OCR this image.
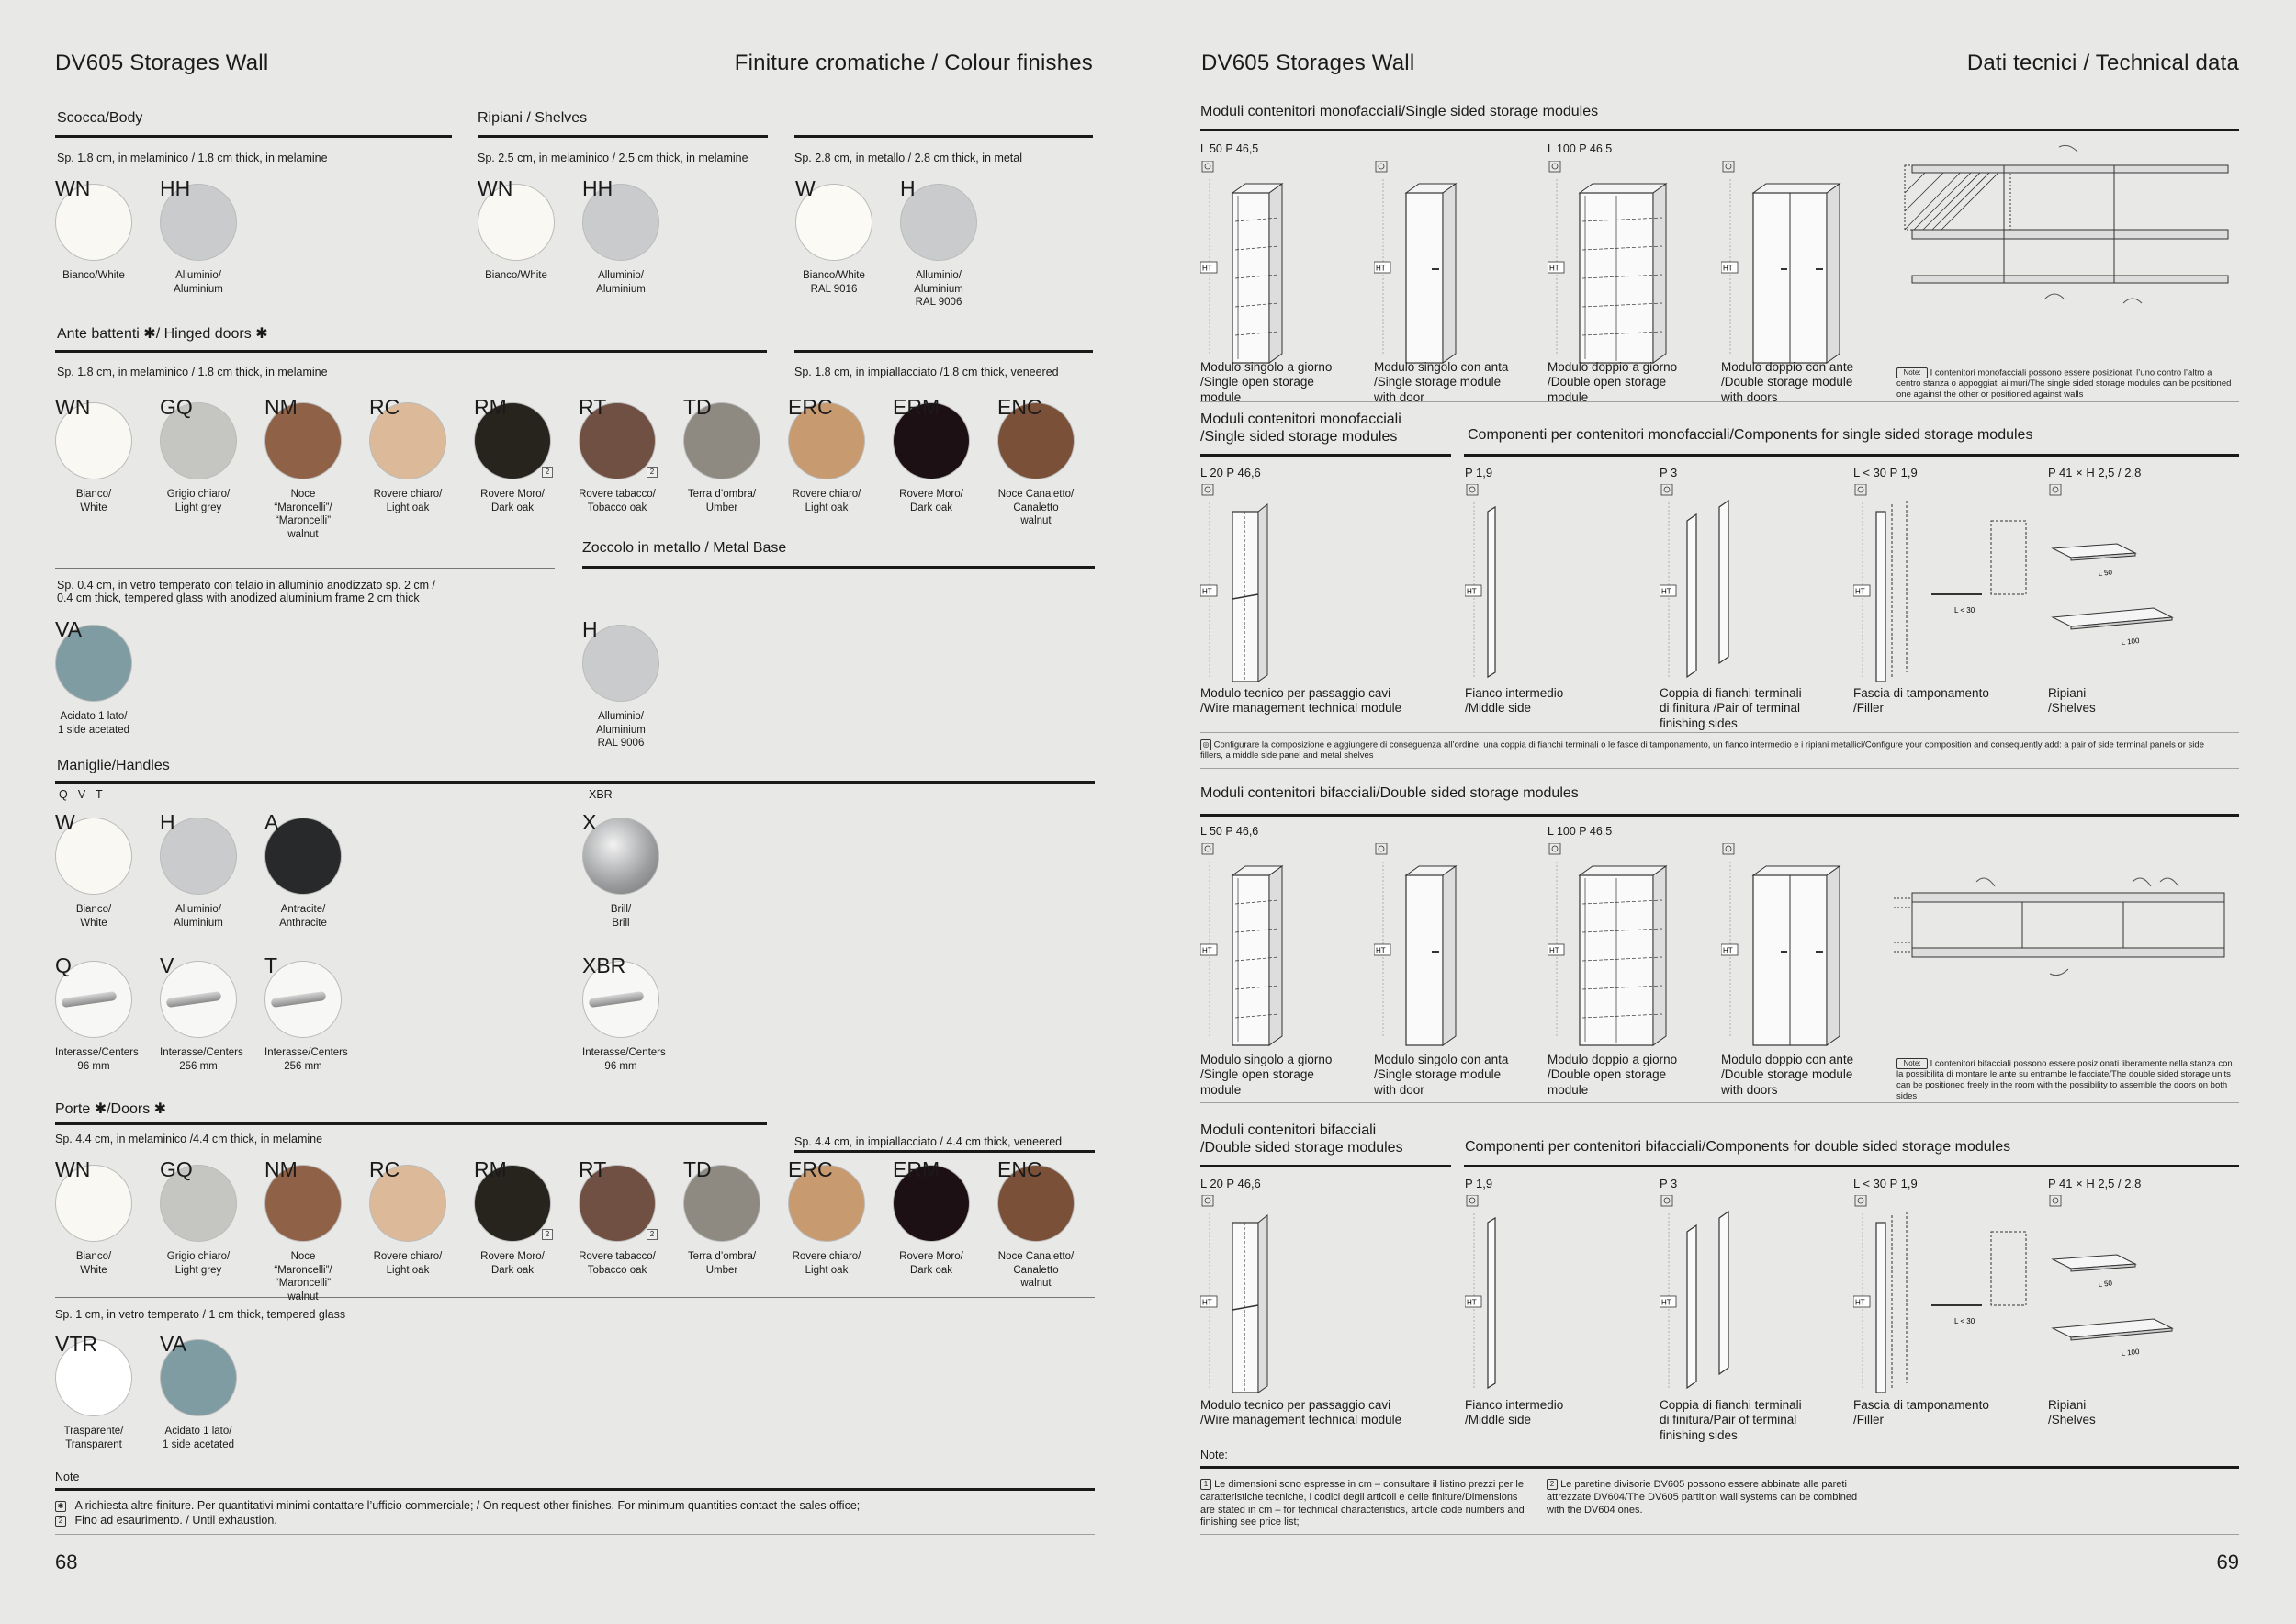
DV605 Storages Wall	Finiture cromatiche / Colour finishes
Scocca/Body
Sp. 1.8 cm, in melaminico / 1.8 cm thick, in melamine
Ripiani / Shelves
Sp. 2.5 cm, in melaminico / 2.5 cm thick, in melamine	Sp. 2.8 cm, in metallo / 2.8 cm thick, in metal
Ante battenti ✱/ Hinged doors ✱
Sp. 1.8 cm, in melaminico / 1.8 cm thick, in melamine	Sp. 1.8 cm, in impiallacciato /1.8 cm thick, veneered
Sp. 0.4 cm, in vetro temperato con telaio in alluminio anodizzato sp. 2 cm /
0.4 cm thick, tempered glass with anodized aluminium frame 2 cm thick
Zoccolo in metallo / Metal Base
Maniglie/Handles
Q - V - T	XBR
Porte ✱/Doors ✱
Sp. 4.4 cm, in melaminico /4.4 cm thick, in melamine	Sp. 4.4 cm, in impiallacciato / 4.4 cm thick, veneered
Sp. 1 cm, in vetro temperato / 1 cm thick, tempered glass
Note
✱ A richiesta altre finiture. Per quantitativi minimi contattare l’ufficio commerciale; / On request other finishes. For minimum quantities contact the sales office;
2 Fino ad esaurimento. / Until exhaustion.
68
WN
Bianco/White
HH
Alluminio/
Aluminium
WN
Bianco/White
HH
Alluminio/
Aluminium
W
Bianco/White
RAL 9016
H
Alluminio/
Aluminium
RAL 9006
WN
Bianco/
White
GQ
Grigio chiaro/
Light grey
NM
Noce “Maroncelli”/
“Maroncelli” walnut
RC
Rovere chiaro/
Light oak
RM
2
Rovere Moro/
Dark oak
RT
2
Rovere tabacco/
Tobacco oak
TD
Terra d’ombra/
Umber
ERC
Rovere chiaro/
Light oak
ERM
Rovere Moro/
Dark oak
ENC
Noce Canaletto/
Canaletto walnut
VA
Acidato 1 lato/
1 side acetated
H
Alluminio/
Aluminium
RAL 9006
W
Bianco/
White
H
Alluminio/
Aluminium
A
Antracite/
Anthracite
X
Brill/
Brill
Q
Interasse/Centers
96 mm
V
Interasse/Centers
256 mm
T
Interasse/Centers
256 mm
XBR
Interasse/Centers
96 mm
WN
Bianco/
White
GQ
Grigio chiaro/
Light grey
NM
Noce “Maroncelli”/
“Maroncelli” walnut
RC
Rovere chiaro/
Light oak
RM
2
Rovere Moro/
Dark oak
RT
2
Rovere tabacco/
Tobacco oak
TD
Terra d’ombra/
Umber
ERC
Rovere chiaro/
Light oak
ERM
Rovere Moro/
Dark oak
ENC
Noce Canaletto/
Canaletto walnut
VTR
Trasparente/
Transparent
VA
Acidato 1 lato/
1 side acetated
DV605 Storages Wall	Dati tecnici / Technical data
Moduli contenitori monofacciali/Single sided storage modules
L 50 P 46,5	L 100 P 46,5
Note: I contenitori monofacciali possono essere posizionati l’uno contro l’altro a centro stanza o appoggiati ai muri/The single sided storage modules can be positioned one against the other or positioned against walls
Moduli contenitori monofacciali
/Single sided storage modules	Componenti per contenitori monofacciali/Components for single sided storage modules
◎ Configurare la composizione e aggiungere di conseguenza all’ordine: una coppia di fianchi terminali o le fasce di tamponamento, un fianco intermedio e i ripiani metallici/Configure your composition and consequently add: a pair of side terminal panels or side fillers, a middle side panel and metal shelves
Moduli contenitori bifacciali/Double sided storage modules
L 50 P 46,6	L 100 P 46,5
Note: I contenitori bifacciali possono essere posizionati liberamente nella stanza con la possibilità di montare le ante su entrambe le facciate/The double sided storage units can be positioned freely in the room with the possibility to assemble the doors on both sides
Moduli contenitori bifacciali
/Double sided storage modules	Componenti per contenitori bifacciali/Components for double sided storage modules
Note:
1 Le dimensioni sono espresse in cm – consultare il listino prezzi per le caratteristiche tecniche, i codici degli articoli e delle finiture/Dimensions are stated in cm – for technical characteristics, article code numbers and finishing see price list;
2 Le paretine divisorie DV605 possono essere abbinate alle pareti attrezzate DV604/The DV605 partition wall systems can be combined with the DV604 ones.
69
HT
Modulo singolo a giorno
/Single open storage
module
HT
Modulo singolo con anta
/Single storage module
with door
HT
Modulo doppio a giorno
/Double open storage
module
HT
Modulo doppio con ante
/Double storage module
with doors
HT
Modulo singolo a giorno
/Single open storage
module
HT
Modulo singolo con anta
/Single storage module
with door
HT
Modulo doppio a giorno
/Double open storage
module
HT
Modulo doppio con ante
/Double storage module
with doors
L 20 P 46,6
HT
P 1,9
HT
P 3
HT
L < 30 P 1,9
HT
L < 30
P 41 × H 2,5 / 2,8
L 50
L 100
Modulo tecnico per passaggio cavi
/Wire management technical module
Fianco intermedio
/Middle side
Coppia di fianchi terminali
di finitura /Pair of terminal
finishing sides
Fascia di tamponamento
/Filler
Ripiani
/Shelves
L 20 P 46,6
HT
P 1,9
HT
P 3
HT
L < 30 P 1,9
HT
L < 30
P 41 × H 2,5 / 2,8
L 50
L 100
Modulo tecnico per passaggio cavi
/Wire management technical module
Fianco intermedio
/Middle side
Coppia di fianchi terminali
di finitura/Pair of terminal
finishing sides
Fascia di tamponamento
/Filler
Ripiani
/Shelves
